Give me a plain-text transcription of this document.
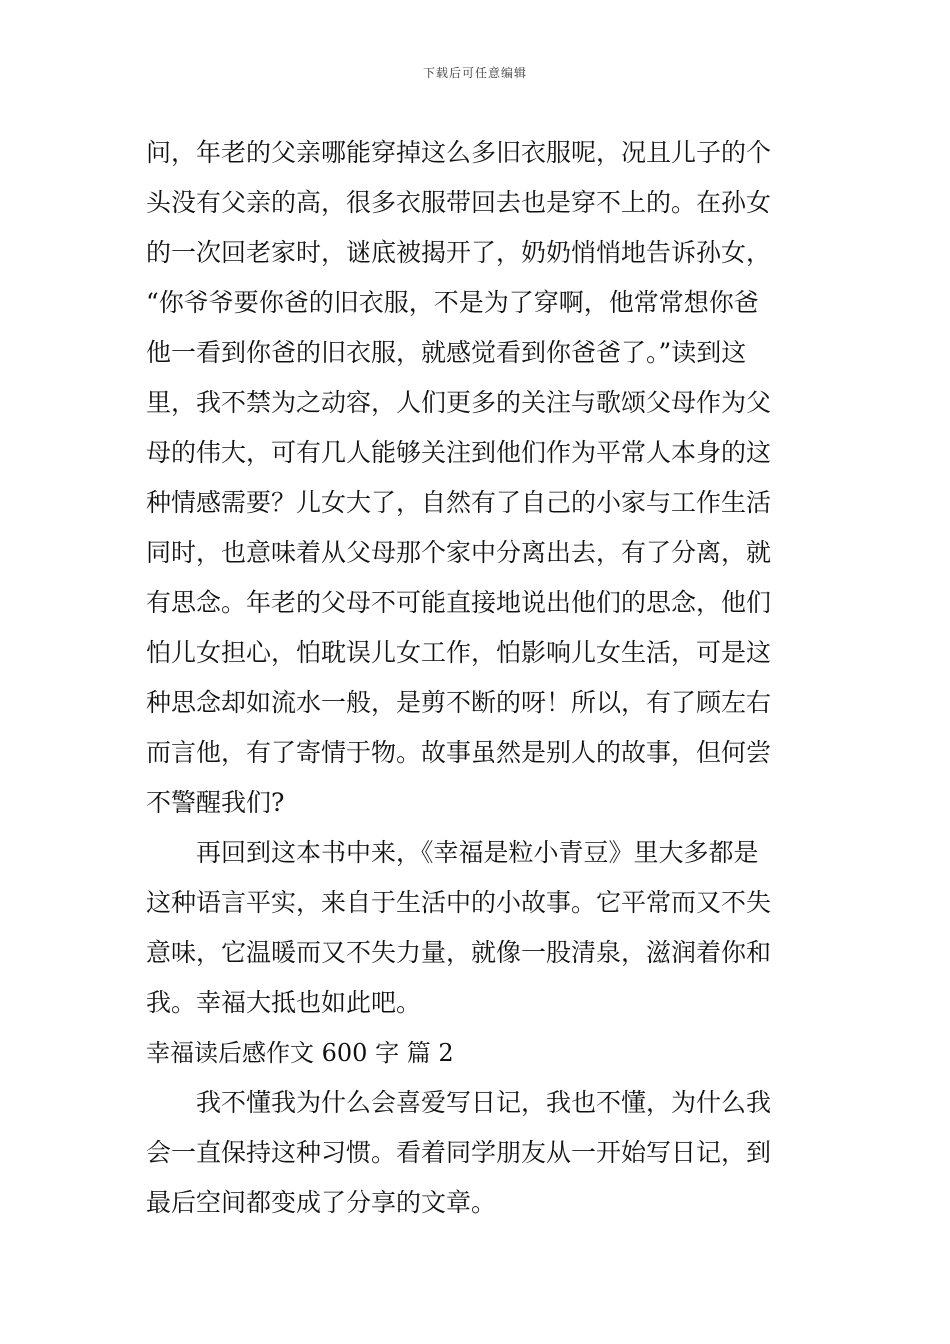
下载后可任意编辑
问，年老的父亲哪能穿掉这么多旧衣服呢，况且儿子的个
头没有父亲的高，很多衣服带回去也是穿不上的。在孙女
的一次回老家时，谜底被揭开了，奶奶悄悄地告诉孙女，
“你爷爷要你爸的旧衣服，不是为了穿啊，他常常想你爸
他一看到你爸的旧衣服，就感觉看到你爸爸了。”读到这
里，我不禁为之动容，人们更多的关注与歌颂父母作为父
母的伟大，可有几人能够关注到他们作为平常人本身的这
种情感需要？儿女大了，自然有了自己的小家与工作生活
同时，也意味着从父母那个家中分离出去，有了分离，就
有思念。年老的父母不可能直接地说出他们的思念，他们
怕儿女担心，怕耽误儿女工作，怕影响儿女生活，可是这
种思念却如流水一般，是剪不断的呀！所以，有了顾左右
而言他，有了寄情于物。故事虽然是别人的故事，但何尝
不警醒我们?
再回到这本书中来，《幸福是粒小青豆》里大多都是
这种语言平实，来自于生活中的小故事。它平常而又不失
意味，它温暖而又不失力量，就像一股清泉，滋润着你和
我。幸福大抵也如此吧。
幸福读后感作文 600 字 篇 2
我不懂我为什么会喜爱写日记，我也不懂，为什么我
会一直保持这种习惯。看着同学朋友从一开始写日记，到
最后空间都变成了分享的文章。
